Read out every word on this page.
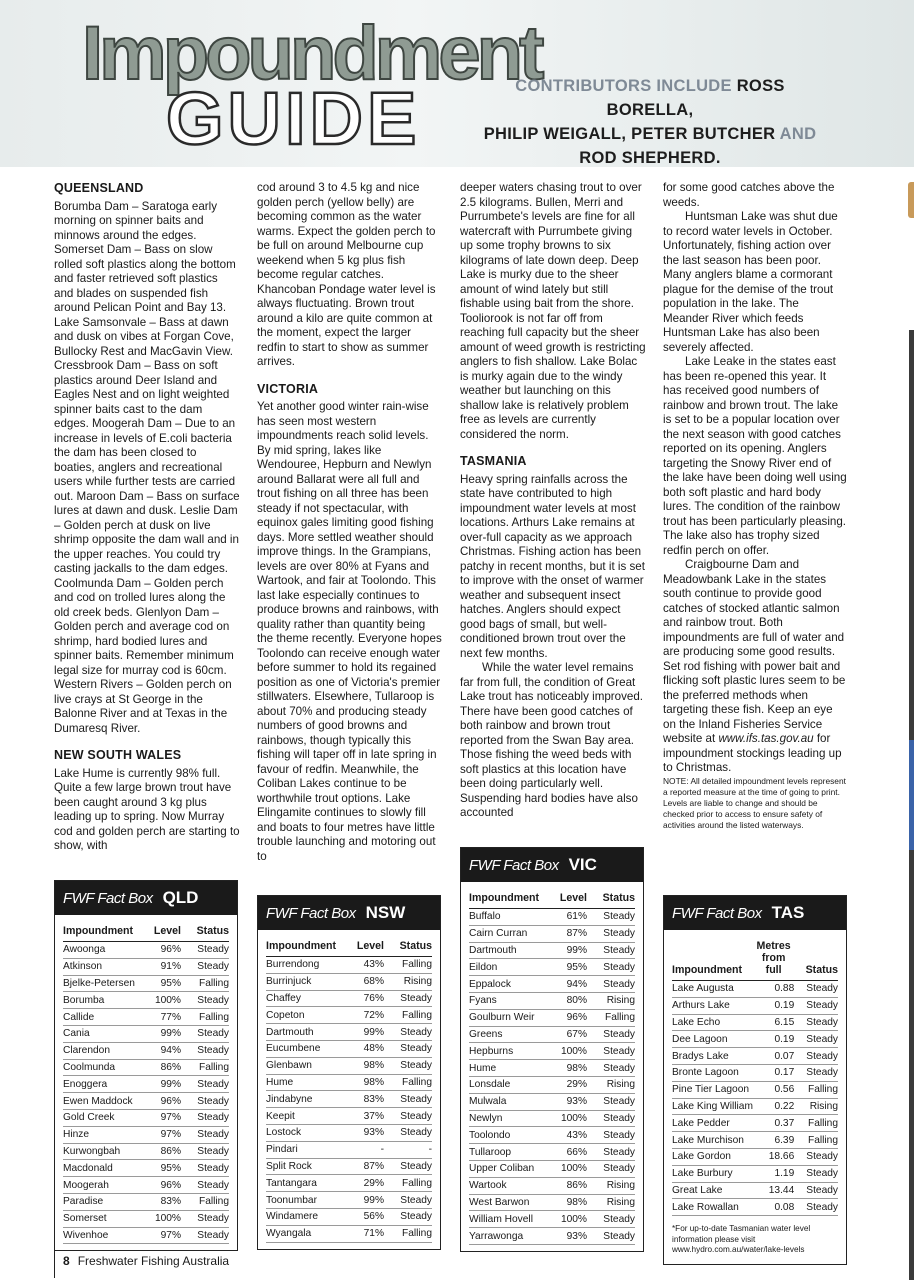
Impoundment
GUIDE	CONTRIBUTORS INCLUDE ROSS BORELLA,
PHILIP WEIGALL, PETER BUTCHER AND
ROD SHEPHERD.
QUEENSLAND

Borumba Dam – Saratoga early morning on spinner baits and minnows around the edges. Somerset Dam – Bass on slow rolled soft plastics along the bottom and faster retrieved soft plastics and blades on suspended fish around Pelican Point and Bay 13. Lake Samsonvale – Bass at dawn and dusk on vibes at Forgan Cove, Bullocky Rest and MacGavin View. Cressbrook Dam – Bass on soft plastics around Deer Island and Eagles Nest and on light weighted spinner baits cast to the dam edges. Moogerah Dam – Due to an increase in levels of E.coli bacteria the dam has been closed to boaties, anglers and recreational users while further tests are carried out. Maroon Dam – Bass on surface lures at dawn and dusk. Leslie Dam – Golden perch at dusk on live shrimp opposite the dam wall and in the upper reaches. You could try casting jackalls to the dam edges. Coolmunda Dam – Golden perch and cod on trolled lures along the old creek beds. Glenlyon Dam – Golden perch and average cod on shrimp, hard bodied lures and spinner baits. Remember minimum legal size for murray cod is 60cm. Western Rivers – Golden perch on live crays at St George in the Balonne River and at Texas in the Dumaresq River.

NEW SOUTH WALES

Lake Hume is currently 98% full. Quite a few large brown trout have been caught around 3 kg plus leading up to spring. Now Murray cod and golden perch are starting to show, with

cod around 3 to 4.5 kg and nice golden perch (yellow belly) are becoming common as the water warms. Expect the golden perch to be full on around Melbourne cup weekend when 5 kg plus fish become regular catches. Khancoban Pondage water level is always fluctuating. Brown trout around a kilo are quite common at the moment, expect the larger redfin to start to show as summer arrives.

VICTORIA

Yet another good winter rain-wise has seen most western impoundments reach solid levels. By mid spring, lakes like Wendouree, Hepburn and Newlyn around Ballarat were all full and trout fishing on all three has been steady if not spectacular, with equinox gales limiting good fishing days. More settled weather should improve things. In the Grampians, levels are over 80% at Fyans and Wartook, and fair at Toolondo. This last lake especially continues to produce browns and rainbows, with quality rather than quantity being the theme recently. Everyone hopes Toolondo can receive enough water before summer to hold its regained position as one of Victoria's premier stillwaters. Elsewhere, Tullaroop is about 70% and producing steady numbers of good browns and rainbows, though typically this fishing will taper off in late spring in favour of redfin. Meanwhile, the Coliban Lakes continue to be worthwhile trout options. Lake Elingamite continues to slowly fill and boats to four metres have little trouble launching and motoring out to

deeper waters chasing trout to over 2.5 kilograms. Bullen, Merri and Purrumbete's levels are fine for all watercraft with Purrumbete giving up some trophy browns to six kilograms of late down deep. Deep Lake is murky due to the sheer amount of wind lately but still fishable using bait from the shore. Tooliorook is not far off from reaching full capacity but the sheer amount of weed growth is restricting anglers to fish shallow. Lake Bolac is murky again due to the windy weather but launching on this shallow lake is relatively problem free as levels are currently considered the norm.

TASMANIA

Heavy spring rainfalls across the state have contributed to high impoundment water levels at most locations. Arthurs Lake remains at over-full capacity as we approach Christmas. Fishing action has been patchy in recent months, but it is set to improve with the onset of warmer weather and subsequent insect hatches. Anglers should expect good bags of small, but well-conditioned brown trout over the next few months.

While the water level remains far from full, the condition of Great Lake trout has noticeably improved. There have been good catches of both rainbow and brown trout reported from the Swan Bay area. Those fishing the weed beds with soft plastics at this location have been doing particularly well. Suspending hard bodies have also accounted

for some good catches above the weeds.

Huntsman Lake was shut due to record water levels in October. Unfortunately, fishing action over the last season has been poor. Many anglers blame a cormorant plague for the demise of the trout population in the lake. The Meander River which feeds Huntsman Lake has also been severely affected.

Lake Leake in the states east has been re-opened this year. It has received good numbers of rainbow and brown trout. The lake is set to be a popular location over the next season with good catches reported on its opening. Anglers targeting the Snowy River end of the lake have been doing well using both soft plastic and hard body lures. The condition of the rainbow trout has been particularly pleasing. The lake also has trophy sized redfin perch on offer.

Craigbourne Dam and Meadowbank Lake in the states south continue to provide good catches of stocked atlantic salmon and rainbow trout. Both impoundments are full of water and are producing some good results. Set rod fishing with power bait and flicking soft plastic lures seem to be the preferred methods when targeting these fish. Keep an eye on the Inland Fisheries Service website at www.ifs.tas.gov.au for impoundment stockings leading up to Christmas.

NOTE: All detailed impoundment levels represent a reported measure at the time of going to print. Levels are liable to change and should be checked prior to access to ensure safety of activities around the listed waterways.

FWF Fact Box QLD
Impoundment	Level	Status
Awoonga	96%	Steady
Atkinson	91%	Steady
Bjelke-Petersen	95%	Falling
Borumba	100%	Steady
Callide	77%	Falling
Cania	99%	Steady
Clarendon	94%	Steady
Coolmunda	86%	Falling
Enoggera	99%	Steady
Ewen Maddock	96%	Steady
Gold Creek	97%	Steady
Hinze	97%	Steady
Kurwongbah	86%	Steady
Macdonald	95%	Steady
Moogerah	96%	Steady
Paradise	83%	Falling
Somerset	100%	Steady
Wivenhoe	97%	Steady
FWF Fact Box NSW
Impoundment	Level	Status
Burrendong	43%	Falling
Burrinjuck	68%	Rising
Chaffey	76%	Steady
Copeton	72%	Falling
Dartmouth	99%	Steady
Eucumbene	48%	Steady
Glenbawn	98%	Steady
Hume	98%	Falling
Jindabyne	83%	Steady
Keepit	37%	Steady
Lostock	93%	Steady
Pindari	-	-
Split Rock	87%	Steady
Tantangara	29%	Falling
Toonumbar	99%	Steady
Windamere	56%	Steady
Wyangala	71%	Falling
FWF Fact Box VIC
Impoundment	Level	Status
Buffalo	61%	Steady
Cairn Curran	87%	Steady
Dartmouth	99%	Steady
Eildon	95%	Steady
Eppalock	94%	Steady
Fyans	80%	Rising
Goulburn Weir	96%	Falling
Greens	67%	Steady
Hepburns	100%	Steady
Hume	98%	Steady
Lonsdale	29%	Rising
Mulwala	93%	Steady
Newlyn	100%	Steady
Toolondo	43%	Steady
Tullaroop	66%	Steady
Upper Coliban	100%	Steady
Wartook	86%	Rising
West Barwon	98%	Rising
William Hovell	100%	Steady
Yarrawonga	93%	Steady
FWF Fact Box TAS
Impoundment	Metres from full	Status
Lake Augusta	0.88	Steady
Arthurs Lake	0.19	Steady
Lake Echo	6.15	Steady
Dee Lagoon	0.19	Steady
Bradys Lake	0.07	Steady
Bronte Lagoon	0.17	Steady
Pine Tier Lagoon	0.56	Falling
Lake King William	0.22	Rising
Lake Pedder	0.37	Falling
Lake Murchison	6.39	Falling
Lake Gordon	18.66	Steady
Lake Burbury	1.19	Steady
Great Lake	13.44	Steady
Lake Rowallan	0.08	Steady
*For up-to-date Tasmanian water level information please visit www.hydro.com.au/water/lake-levels
8 Freshwater Fishing Australia
